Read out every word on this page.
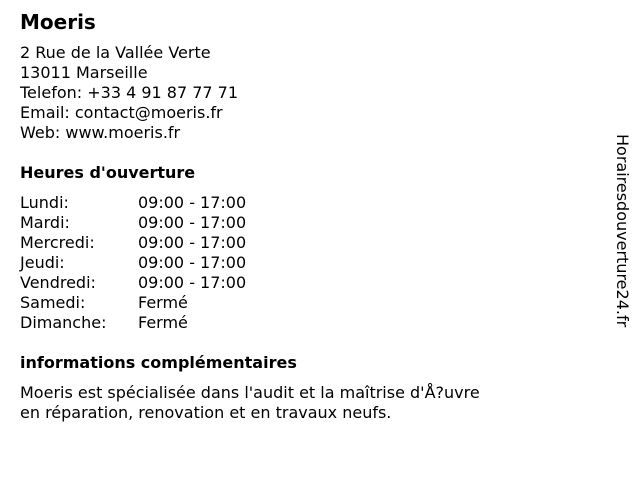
Moeris
2 Rue de la Vallée Verte
13011 Marseille
Telefon: +33 4 91 87 77 71
Email: contact@moeris.fr
Web: www.moeris.fr
Heures d'ouverture
Lundi:	09:00 - 17:00
Mardi:	09:00 - 17:00
Mercredi:	09:00 - 17:00
Jeudi:	09:00 - 17:00
Vendredi:	09:00 - 17:00
Samedi:	Fermé
Dimanche:	Fermé
informations complémentaires
Moeris est spécialisée dans l'audit et la maîtrise d'Å?uvre
en réparation, renovation et en travaux neufs.
Horairesdouverture24.fr
